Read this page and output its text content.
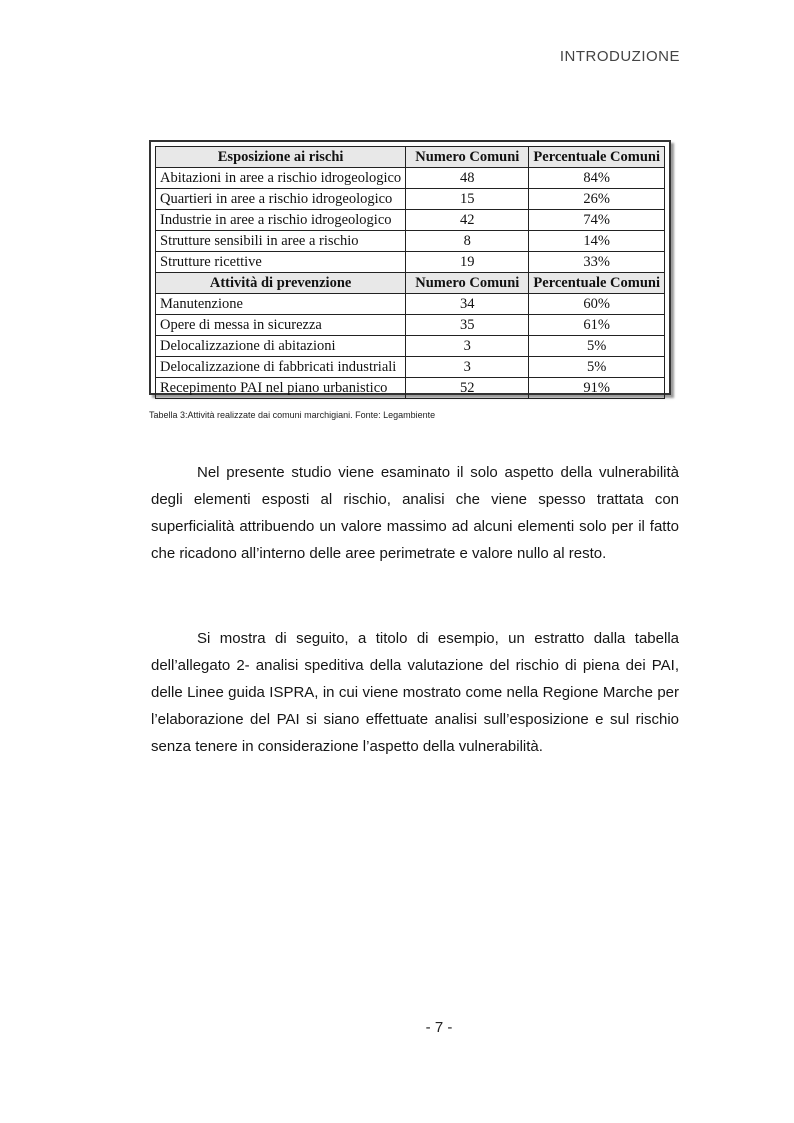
INTRODUZIONE
Esposizione ai rischi	Numero Comuni	Percentuale Comuni
Abitazioni in aree a rischio idrogeologico	48	84%
Quartieri in aree a rischio idrogeologico	15	26%
Industrie in aree a rischio idrogeologico	42	74%
Strutture sensibili in aree a rischio	8	14%
Strutture ricettive	19	33%
Attività di prevenzione	Numero Comuni	Percentuale Comuni
Manutenzione	34	60%
Opere di messa in sicurezza	35	61%
Delocalizzazione di abitazioni	3	5%
Delocalizzazione di fabbricati industriali	3	5%
Recepimento PAI nel piano urbanistico	52	91%
Tabella 3:Attività realizzate dai comuni marchigiani. Fonte: Legambiente

Nel presente studio viene esaminato il solo aspetto della vulnerabilità degli elementi esposti al rischio, analisi che viene spesso trattata con superficialità attribuendo un valore massimo ad alcuni elementi solo per il fatto che ricadono all’interno delle aree perimetrate e valore nullo al resto.

Si mostra di seguito, a titolo di esempio, un estratto dalla tabella dell’allegato 2- analisi speditiva della valutazione del rischio di piena dei PAI, delle Linee guida ISPRA, in cui viene mostrato come nella Regione Marche per l’elaborazione del PAI si siano effettuate analisi sull’esposizione e sul rischio senza tenere in considerazione l’aspetto della vulnerabilità.

- 7 -
